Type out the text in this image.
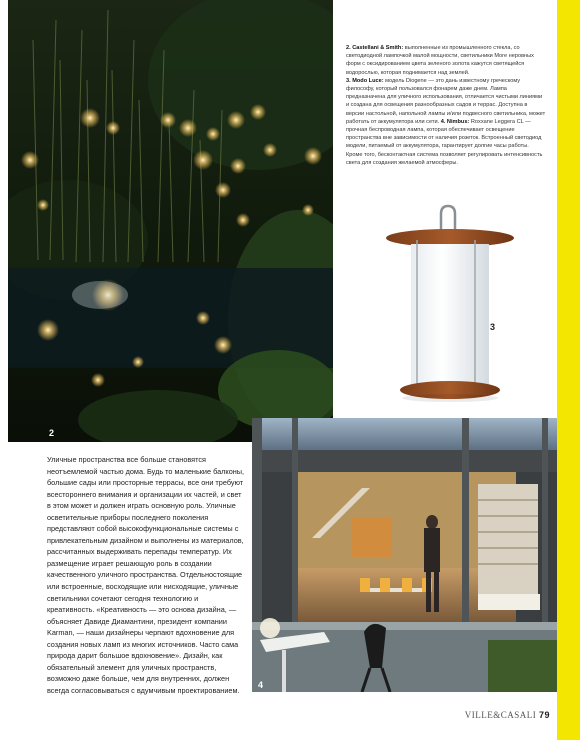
2
3
2. Castellani & Smith: выполненные из промышленного стекла, со светодиодной лампочкой малой мощности, светильники More неровных форм с оксидированием цвета зеленого золота кажутся светящейся водорослью, которая поднимается над землей.
3. Modo Luce: модель Diogene — это дань известному греческому философу, который пользовался фонарем даже днем. Лампа предназначена для уличного использования, отличается чистыми линиями и создана для освещения разнообразных садов и террас. Доступна в версии настольной, напольной лампы и/или подвесного светильника, может работать от аккумулятора или сети. 4. Nimbus: Roxxane Leggera CL — прочная беспроводная лампа, которая обеспечивает освещение пространства вне зависимости от наличия розеток. Встроенный светодиод модели, питаемый от аккумулятора, гарантирует долгие часы работы. Кроме того, бесконтактная система позволяет регулировать интенсивность света для создания желаемой атмосферы.
4
Уличные пространства все больше становятся неотъемлемой частью дома. Будь то маленькие балконы, большие сады или просторные террасы, все они требуют всестороннего внимания и организации их частей, и свет в этом может и должен играть основную роль. Уличные осветительные приборы последнего поколения представляют собой высокофункциональные системы с привлекательным дизайном и выполнены из материалов, рассчитанных выдерживать перепады температур. Их размещение играет решающую роль в создании качественного уличного пространства. Отдельностоящие или встроенные, восходящие или нисходящие, уличные светильники сочетают сегодня технологию и креативность. «Креативность — это основа дизайна, — объясняет Давиде Диамантини, президент компании Karman, — наши дизайнеры черпают вдохновение для создания новых ламп из многих источников. Часто сама природа дарит большое вдохновение». Дизайн, как обязательный элемент для уличных пространств, возможно даже больше, чем для внутренних, должен всегда согласовываться с вдумчивым проектированием.
VILLE&CASALI 79
